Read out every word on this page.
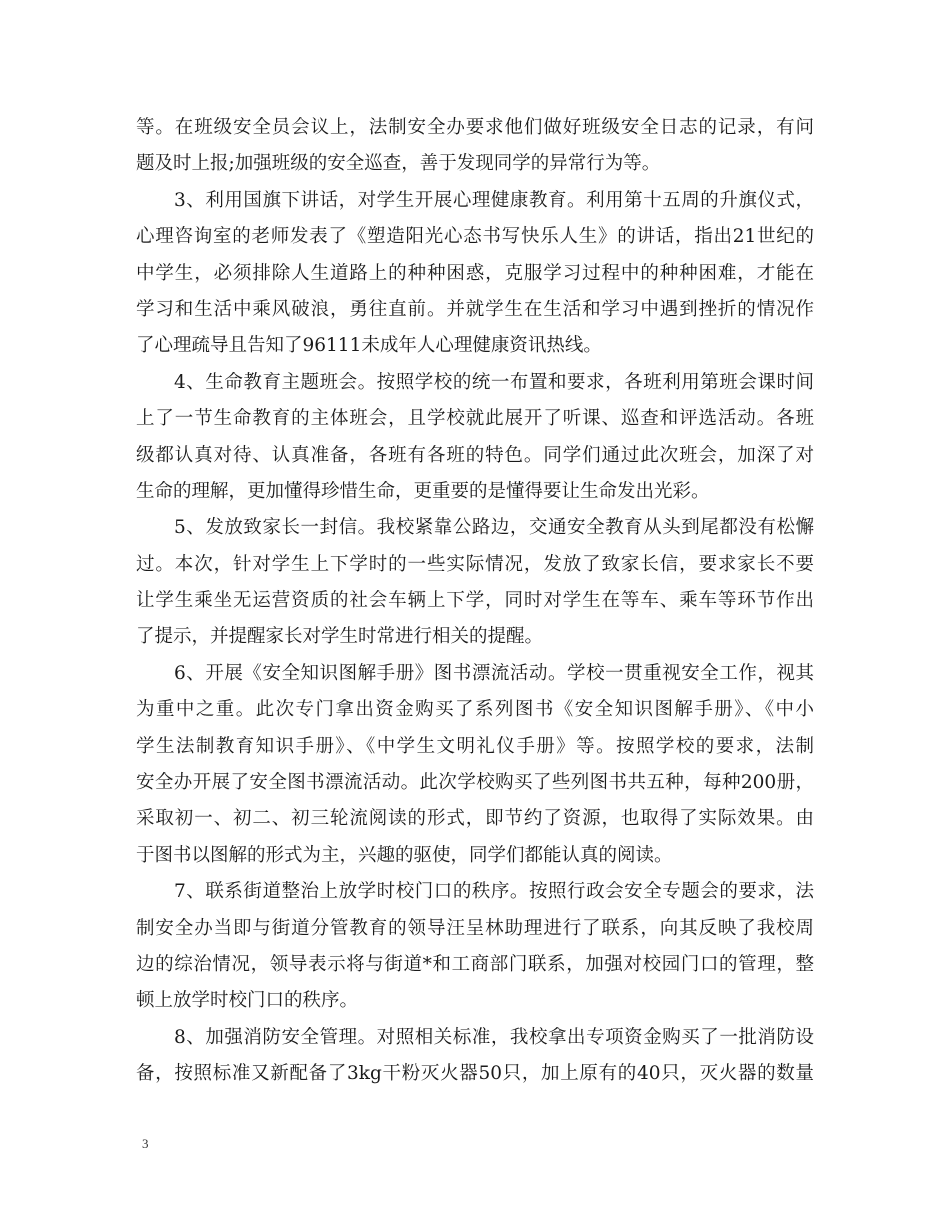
等。在班级安全员会议上，法制安全办要求他们做好班级安全日志的记录，有问
题及时上报;加强班级的安全巡查，善于发现同学的异常行为等。
3、利用国旗下讲话，对学生开展心理健康教育。利用第十五周的升旗仪式，
心理咨询室的老师发表了《塑造阳光心态书写快乐人生》的讲话，指出21世纪的
中学生，必须排除人生道路上的种种困惑，克服学习过程中的种种困难，才能在
学习和生活中乘风破浪，勇往直前。并就学生在生活和学习中遇到挫折的情况作
了心理疏导且告知了96111未成年人心理健康资讯热线。
4、生命教育主题班会。按照学校的统一布置和要求，各班利用第班会课时间
上了一节生命教育的主体班会，且学校就此展开了听课、巡查和评选活动。各班
级都认真对待、认真准备，各班有各班的特色。同学们通过此次班会，加深了对
生命的理解，更加懂得珍惜生命，更重要的是懂得要让生命发出光彩。
5、发放致家长一封信。我校紧靠公路边，交通安全教育从头到尾都没有松懈
过。本次，针对学生上下学时的一些实际情况，发放了致家长信，要求家长不要
让学生乘坐无运营资质的社会车辆上下学，同时对学生在等车、乘车等环节作出
了提示，并提醒家长对学生时常进行相关的提醒。
6、开展《安全知识图解手册》图书漂流活动。学校一贯重视安全工作，视其
为重中之重。此次专门拿出资金购买了系列图书《安全知识图解手册》、《中小
学生法制教育知识手册》、《中学生文明礼仪手册》等。按照学校的要求，法制
安全办开展了安全图书漂流活动。此次学校购买了些列图书共五种，每种200册，
采取初一、初二、初三轮流阅读的形式，即节约了资源，也取得了实际效果。由
于图书以图解的形式为主，兴趣的驱使，同学们都能认真的阅读。
7、联系街道整治上放学时校门口的秩序。按照行政会安全专题会的要求，法
制安全办当即与街道分管教育的领导汪呈林助理进行了联系，向其反映了我校周
边的综治情况，领导表示将与街道*和工商部门联系，加强对校园门口的管理，整
顿上放学时校门口的秩序。
8、加强消防安全管理。对照相关标准，我校拿出专项资金购买了一批消防设
备，按照标准又新配备了3kg干粉灭火器50只，加上原有的40只，灭火器的数量
3
